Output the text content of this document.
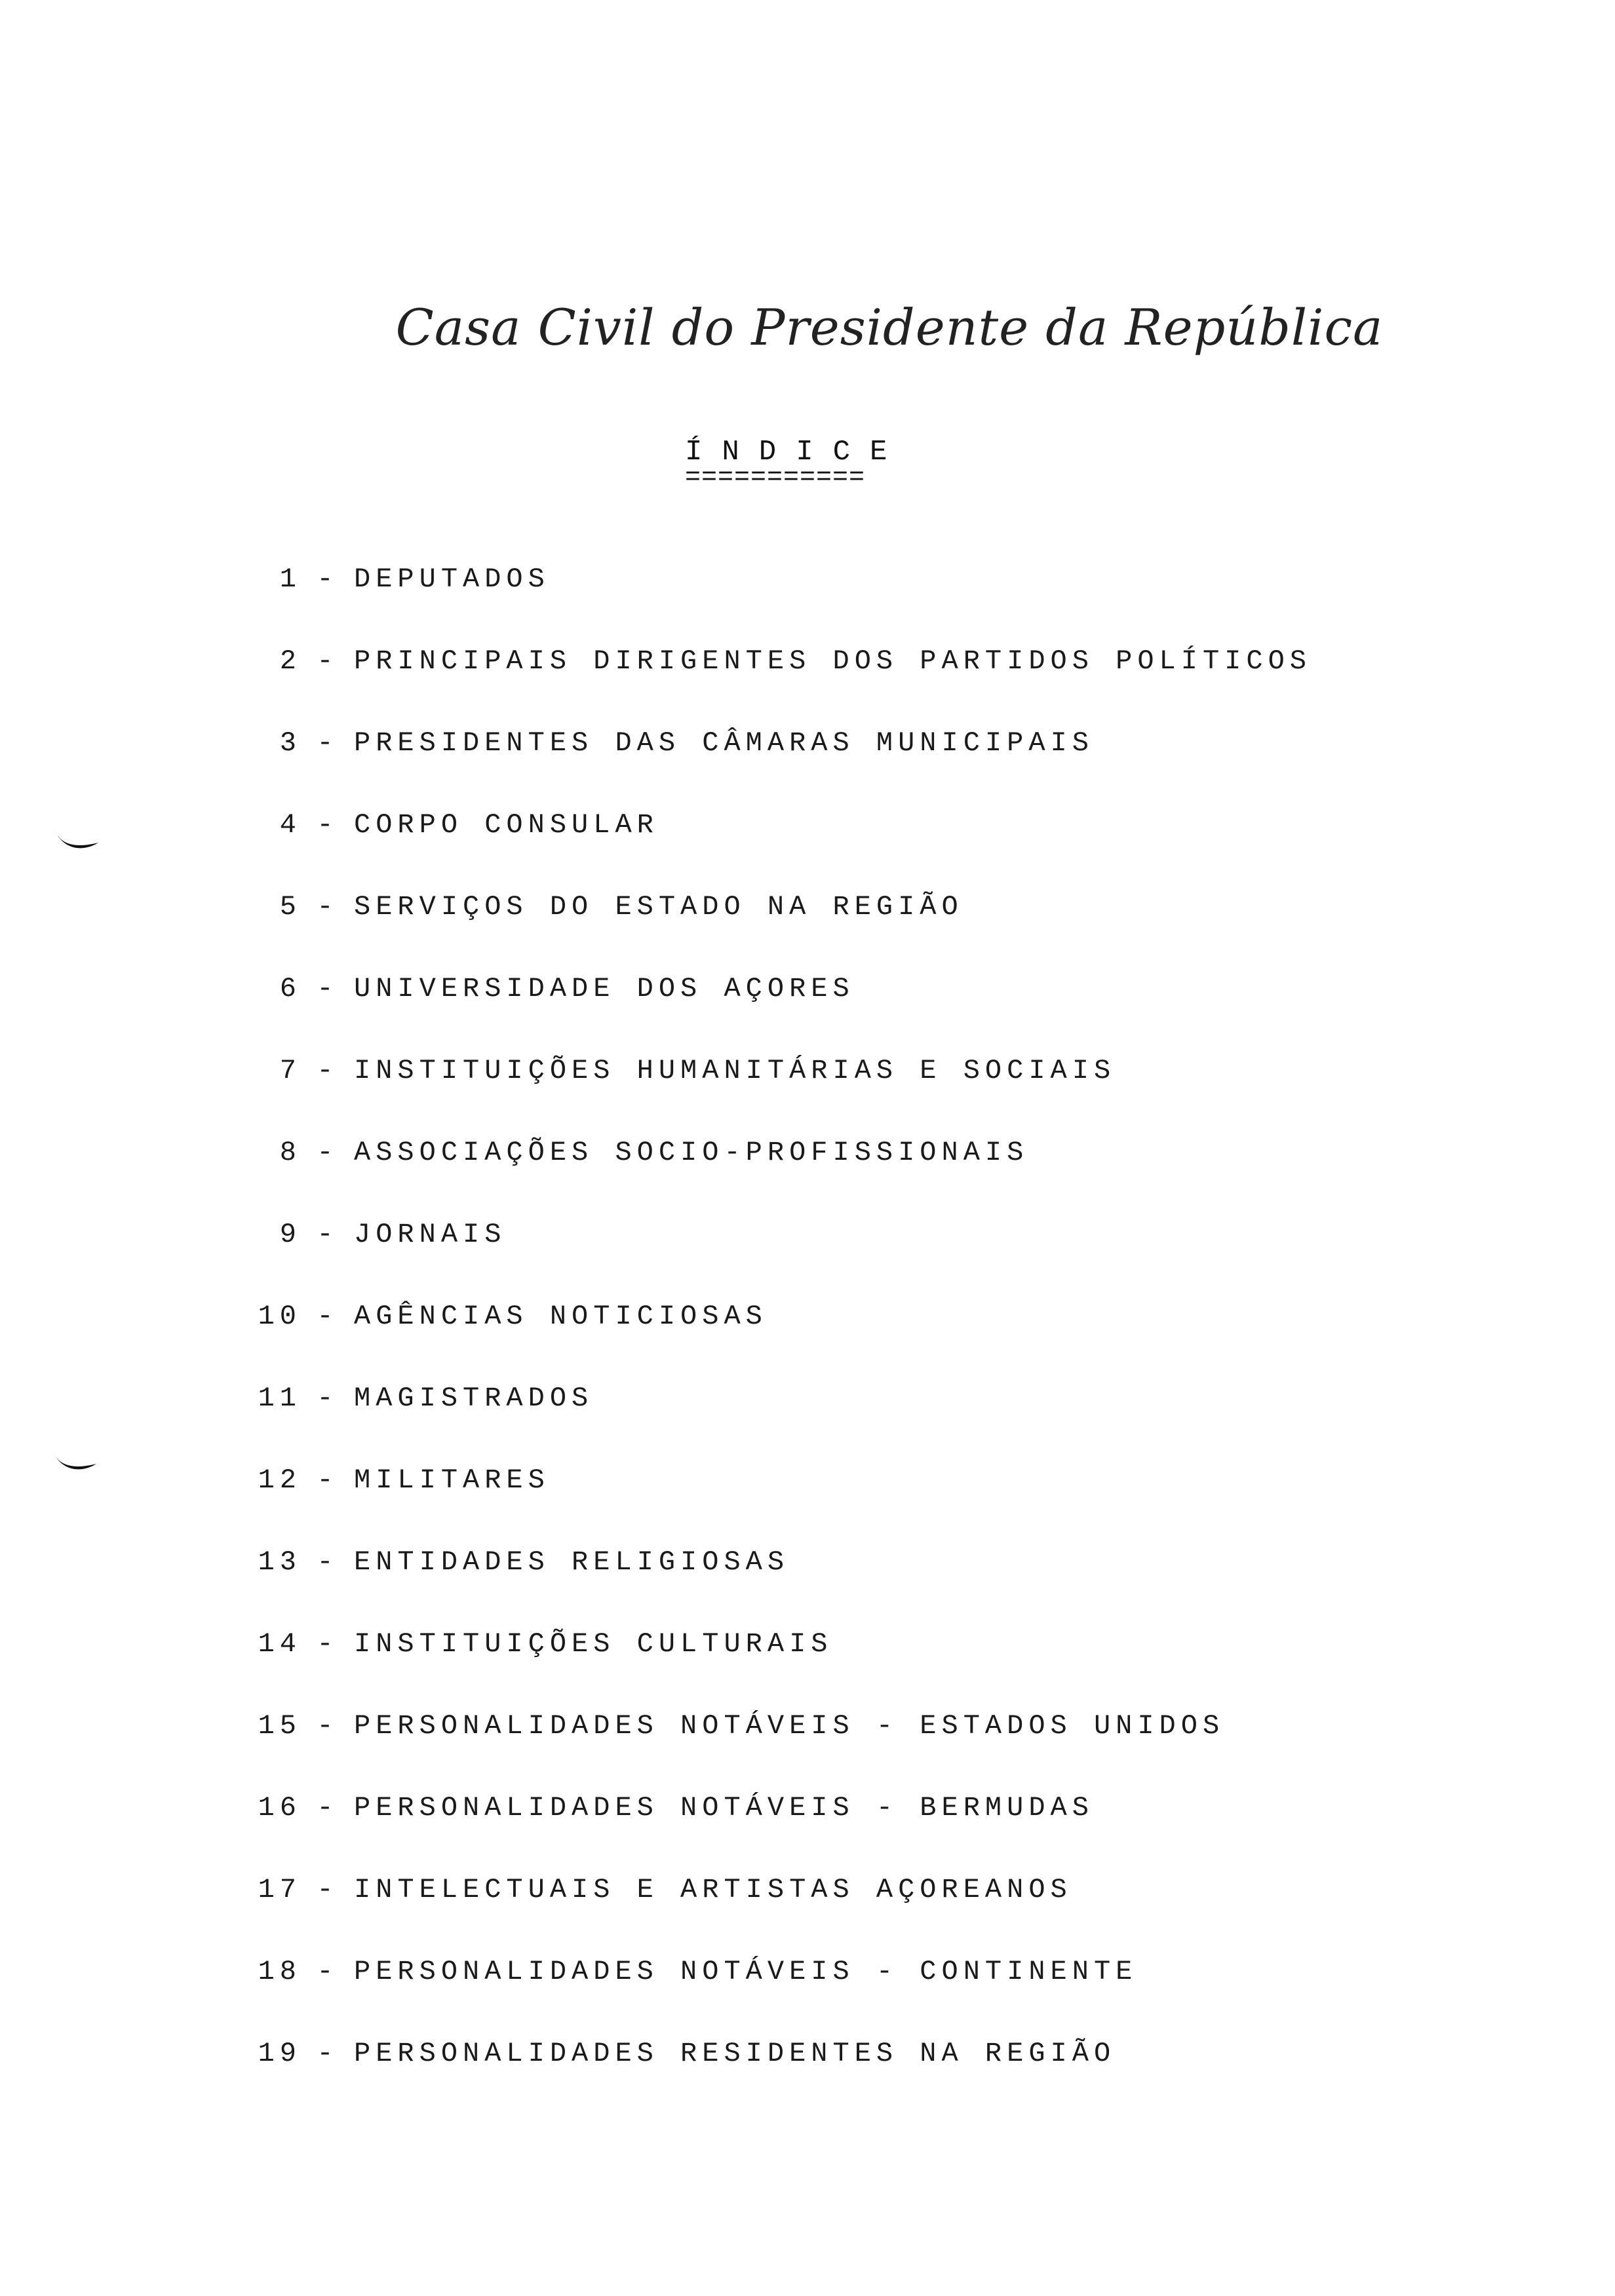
Casa Civil do Presidente da República
ÍNDICE
===========
1 - DEPUTADOS
2 - PRINCIPAIS DIRIGENTES DOS PARTIDOS POLÍTICOS
3 - PRESIDENTES DAS CÂMARAS MUNICIPAIS
4 - CORPO CONSULAR
5 - SERVIÇOS DO ESTADO NA REGIÃO
6 - UNIVERSIDADE DOS AÇORES
7 - INSTITUIÇÕES HUMANITÁRIAS E SOCIAIS
8 - ASSOCIAÇÕES SOCIO-PROFISSIONAIS
9 - JORNAIS
10 - AGÊNCIAS NOTICIOSAS
11 - MAGISTRADOS
12 - MILITARES
13 - ENTIDADES RELIGIOSAS
14 - INSTITUIÇÕES CULTURAIS
15 - PERSONALIDADES NOTÁVEIS - ESTADOS UNIDOS
16 - PERSONALIDADES NOTÁVEIS - BERMUDAS
17 - INTELECTUAIS E ARTISTAS AÇOREANOS
18 - PERSONALIDADES NOTÁVEIS - CONTINENTE
19 - PERSONALIDADES RESIDENTES NA REGIÃO
